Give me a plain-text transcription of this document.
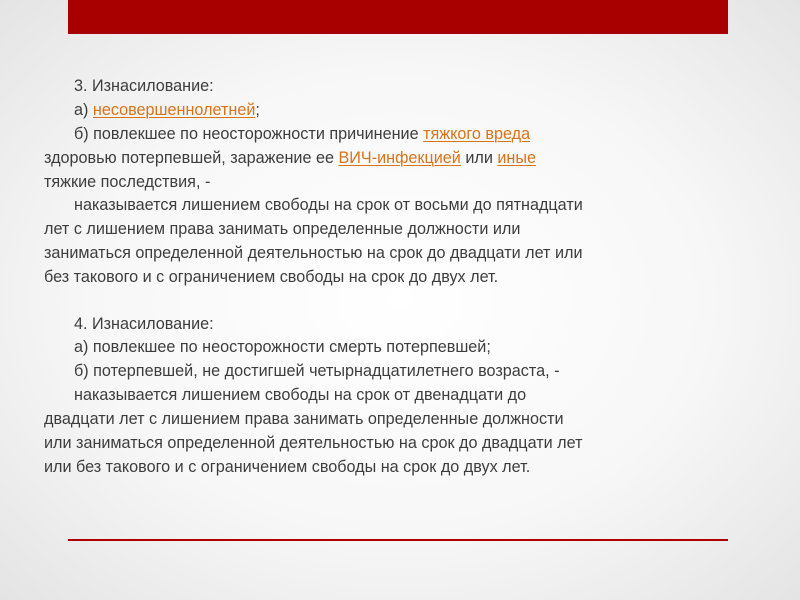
3. Изнасилование:
а) несовершеннолетней;
б) повлекшее по неосторожности причинение тяжкого вреда
здоровью потерпевшей, заражение ее ВИЧ-инфекцией или иные
тяжкие последствия, -
наказывается лишением свободы на срок от восьми до пятнадцати
лет с лишением права занимать определенные должности или
заниматься определенной деятельностью на срок до двадцати лет или
без такового и с ограничением свободы на срок до двух лет.
4. Изнасилование:
а) повлекшее по неосторожности смерть потерпевшей;
б) потерпевшей, не достигшей четырнадцатилетнего возраста, -
наказывается лишением свободы на срок от двенадцати до
двадцати лет с лишением права занимать определенные должности
или заниматься определенной деятельностью на срок до двадцати лет
или без такового и с ограничением свободы на срок до двух лет.
